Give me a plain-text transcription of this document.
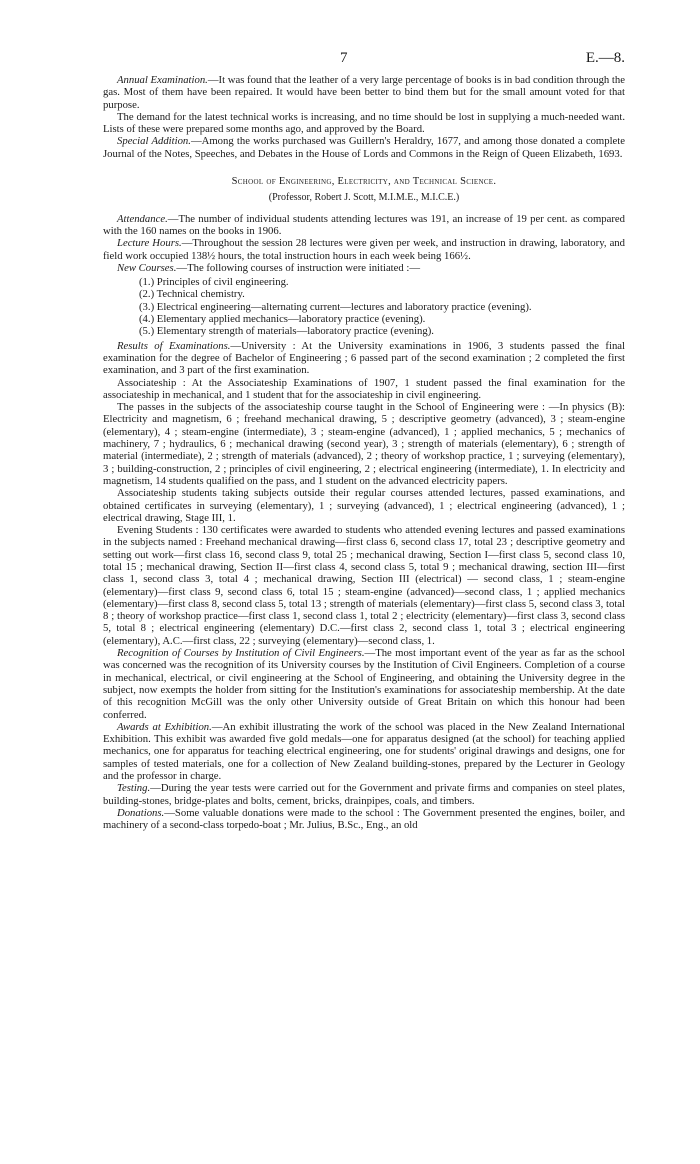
7	E.—8.

Annual Examination.—It was found that the leather of a very large percentage of books is in bad condition through the gas. Most of them have been repaired. It would have been better to bind them but for the small amount voted for that purpose.

The demand for the latest technical works is increasing, and no time should be lost in supplying a much-needed want. Lists of these were prepared some months ago, and approved by the Board.

Special Addition.—Among the works purchased was Guillern's Heraldry, 1677, and among those donated a complete Journal of the Notes, Speeches, and Debates in the House of Lords and Commons in the Reign of Queen Elizabeth, 1693.

School of Engineering, Electricity, and Technical Science.

(Professor, Robert J. Scott, M.I.M.E., M.I.C.E.)

Attendance.—The number of individual students attending lectures was 191, an increase of 19 per cent. as compared with the 160 names on the books in 1906.

Lecture Hours.—Throughout the session 28 lectures were given per week, and instruction in drawing, laboratory, and field work occupied 138½ hours, the total instruction hours in each week being 166½.

New Courses.—The following courses of instruction were initiated :—

(1.) Principles of civil engineering.
(2.) Technical chemistry.
(3.) Electrical engineering—alternating current—lectures and laboratory practice (evening).
(4.) Elementary applied mechanics—laboratory practice (evening).
(5.) Elementary strength of materials—laboratory practice (evening).

Results of Examinations.—University : At the University examinations in 1906, 3 students passed the final examination for the degree of Bachelor of Engineering ; 6 passed part of the second examination ; 2 completed the first examination, and 3 part of the first examination.

Associateship : At the Associateship Examinations of 1907, 1 student passed the final examination for the associateship in mechanical, and 1 student that for the associateship in civil engineering.

The passes in the subjects of the associateship course taught in the School of Engineering were : —In physics (B): Electricity and magnetism, 6 ; freehand mechanical drawing, 5 ; descriptive geometry (advanced), 3 ; steam-engine (elementary), 4 ; steam-engine (intermediate), 3 ; steam-engine (advanced), 1 ; applied mechanics, 5 ; mechanics of machinery, 7 ; hydraulics, 6 ; mechanical drawing (second year), 3 ; strength of materials (elementary), 6 ; strength of material (intermediate), 2 ; strength of materials (advanced), 2 ; theory of workshop practice, 1 ; surveying (elementary), 3 ; building-construction, 2 ; principles of civil engineering, 2 ; electrical engineering (intermediate), 1. In electricity and magnetism, 14 students qualified on the pass, and 1 student on the advanced electricity papers.

Associateship students taking subjects outside their regular courses attended lectures, passed examinations, and obtained certificates in surveying (elementary), 1 ; surveying (advanced), 1 ; electrical engineering (advanced), 1 ; electrical drawing, Stage III, 1.

Evening Students : 130 certificates were awarded to students who attended evening lectures and passed examinations in the subjects named : Freehand mechanical drawing—first class 6, second class 17, total 23 ; descriptive geometry and setting out work—first class 16, second class 9, total 25 ; mechanical drawing, Section I—first class 5, second class 10, total 15 ; mechanical drawing, Section II—first class 4, second class 5, total 9 ; mechanical drawing, section III—first class 1, second class 3, total 4 ; mechanical drawing, Section III (electrical) — second class, 1 ; steam-engine (elementary)—first class 9, second class 6, total 15 ; steam-engine (advanced)—second class, 1 ; applied mechanics (elementary)—first class 8, second class 5, total 13 ; strength of materials (elementary)—first class 5, second class 3, total 8 ; theory of workshop practice—first class 1, second class 1, total 2 ; electricity (elementary)—first class 3, second class 5, total 8 ; electrical engineering (elementary) D.C.—first class 2, second class 1, total 3 ; electrical engineering (elementary), A.C.—first class, 22 ; surveying (elementary)—second class, 1.

Recognition of Courses by Institution of Civil Engineers.—The most important event of the year as far as the school was concerned was the recognition of its University courses by the Institution of Civil Engineers. Completion of a course in mechanical, electrical, or civil engineering at the School of Engineering, and obtaining the University degree in the subject, now exempts the holder from sitting for the Institution's examinations for associateship membership. At the date of this recognition McGill was the only other University outside of Great Britain on which this honour had been conferred.

Awards at Exhibition.—An exhibit illustrating the work of the school was placed in the New Zealand International Exhibition. This exhibit was awarded five gold medals—one for apparatus designed (at the school) for teaching applied mechanics, one for apparatus for teaching electrical engineering, one for students' original drawings and designs, one for samples of tested materials, one for a collection of New Zealand building-stones, prepared by the Lecturer in Geology and the professor in charge.

Testing.—During the year tests were carried out for the Government and private firms and companies on steel plates, building-stones, bridge-plates and bolts, cement, bricks, drainpipes, coals, and timbers.

Donations.—Some valuable donations were made to the school : The Government presented the engines, boiler, and machinery of a second-class torpedo-boat ; Mr. Julius, B.Sc., Eng., an old
